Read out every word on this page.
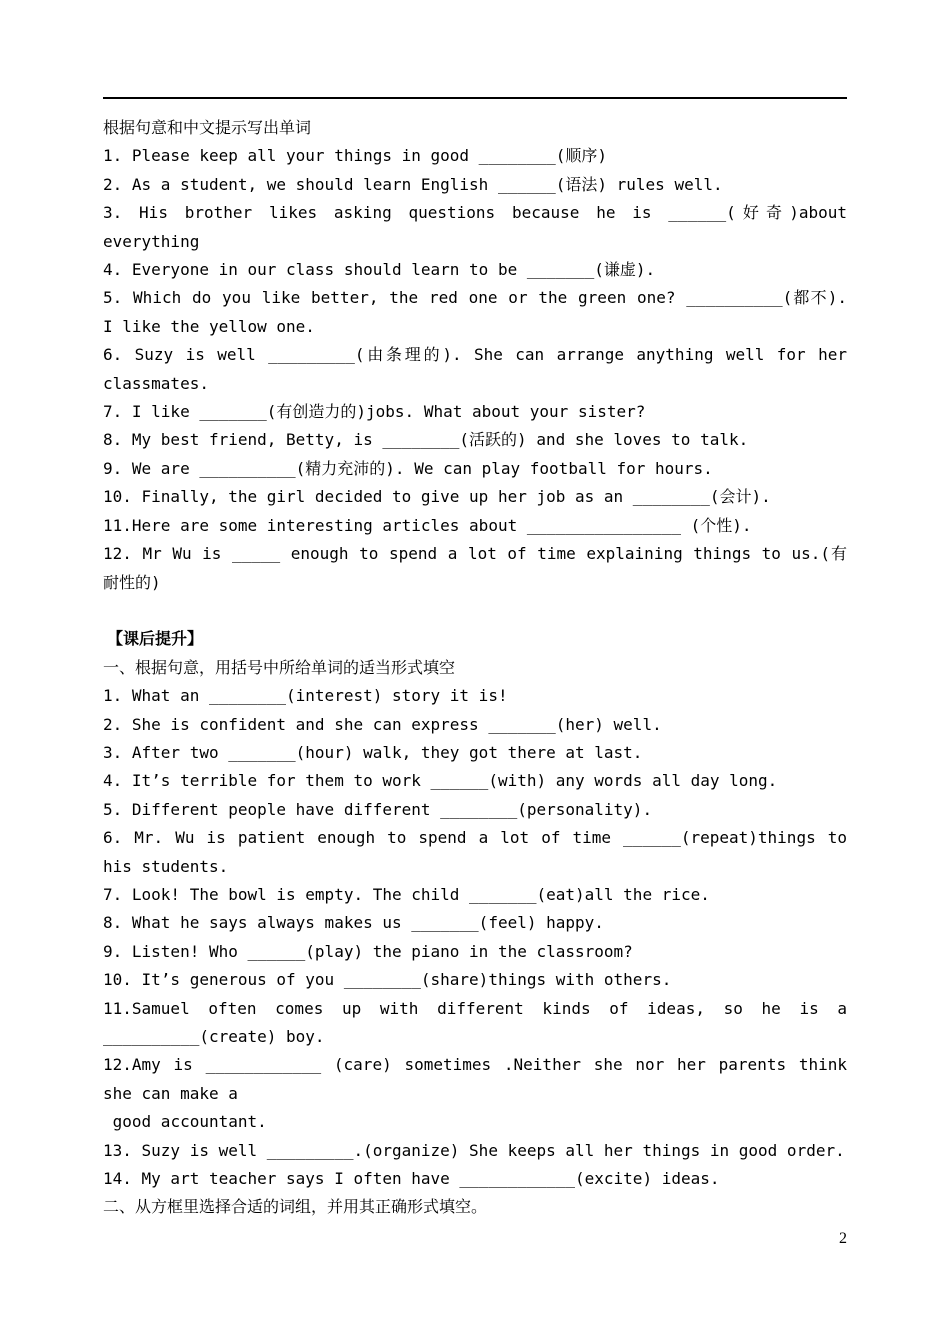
根据句意和中文提示写出单词

1. Please keep all your things in good ________(顺序)

2. As a student, we should learn English ______(语法) rules well.

3. His brother likes asking questions because he is ______(好奇)about everything

4. Everyone in our class should learn to be _______(谦虚).

5. Which do you like better, the red one or the green one? __________(都不). I like the yellow one.

6. Suzy is well _________(由条理的). She can arrange anything well for her classmates.

7. I like _______(有创造力的)jobs. What about your sister?

8. My best friend, Betty, is ________(活跃的) and she loves to talk.

9. We are __________(精力充沛的). We can play football for hours.

10. Finally, the girl decided to give up her job as an ________(会计).

11.Here are some interesting articles about ________________ (个性).

12. Mr Wu is _____ enough to spend a lot of time explaining things to us.(有耐性的)

【课后提升】

一、根据句意，用括号中所给单词的适当形式填空

1. What an ________(interest) story it is!

2. She is confident and she can express _______(her) well.

3. After two _______(hour) walk, they got there at last.

4. It’s terrible for them to work ______(with) any words all day long.

5. Different people have different ________(personality).

6. Mr. Wu is patient enough to spend a lot of time ______(repeat)things to his students.

7. Look! The bowl is empty. The child _______(eat)all the rice.

8. What he says always makes us _______(feel) happy.

9. Listen! Who ______(play) the piano in the classroom?

10. It’s generous of you ________(share)things with others.

11.Samuel often comes up with different kinds of ideas, so he is a __________(create) boy.

12.Amy is ____________ (care) sometimes .Neither she nor her parents think she can make a

good accountant.

13. Suzy is well _________.(organize) She keeps all her things in good order.

14. My art teacher says I often have ____________(excite) ideas.

二、从方框里选择合适的词组，并用其正确形式填空。

2
